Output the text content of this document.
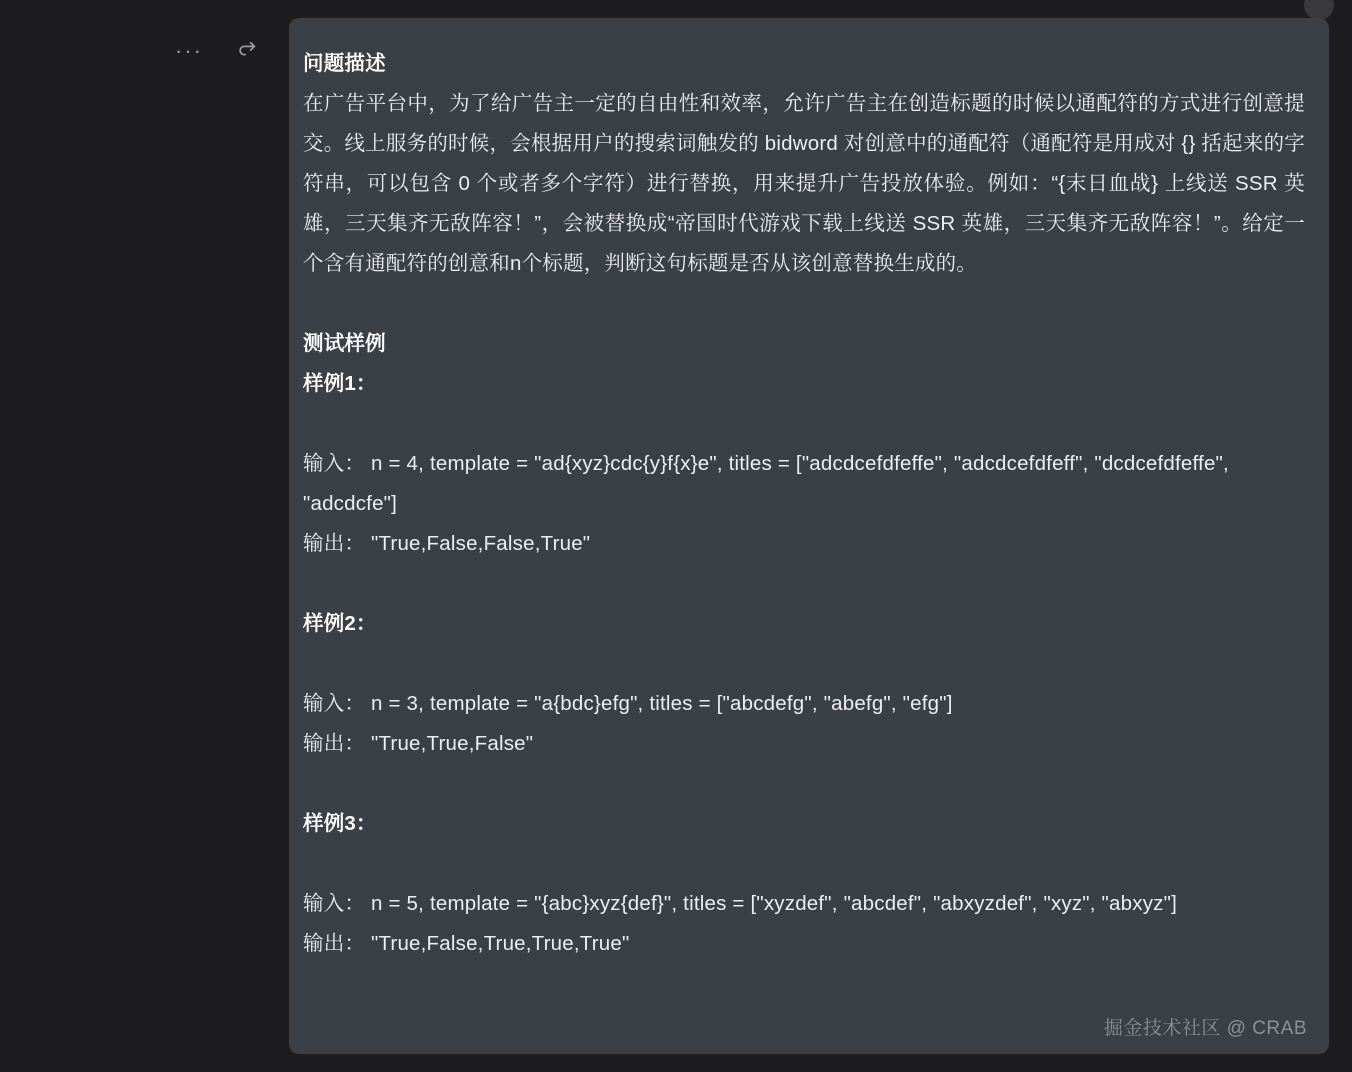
···
问题描述

在广告平台中，为了给广告主一定的自由性和效率，允许广告主在创造标题的时候以通配符的方式进行创意提交。线上服务的时候，会根据用户的搜索词触发的 bidword 对创意中的通配符（通配符是用成对 {} 括起来的字符串，可以包含 0 个或者多个字符）进行替换，用来提升广告投放体验。例如：“{末日血战} 上线送 SSR 英雄，三天集齐无敌阵容！”，会被替换成“帝国时代游戏下载上线送 SSR 英雄，三天集齐无敌阵容！”。给定一个含有通配符的创意和n个标题，判断这句标题是否从该创意替换生成的。

测试样例
样例1：

输入： n = 4, template = "ad{xyz}cdc{y}f{x}e", titles = ["adcdcefdfeffe", "adcdcefdfeff", "dcdcefdfeffe", "adcdcfe"]

输出： "True,False,False,True"

样例2：

输入： n = 3, template = "a{bdc}efg", titles = ["abcdefg", "abefg", "efg"]

输出： "True,True,False"

样例3：

输入： n = 5, template = "{abc}xyz{def}", titles = ["xyzdef", "abcdef", "abxyzdef", "xyz", "abxyz"]

输出： "True,False,True,True,True"

掘金技术社区 @ CRAB
